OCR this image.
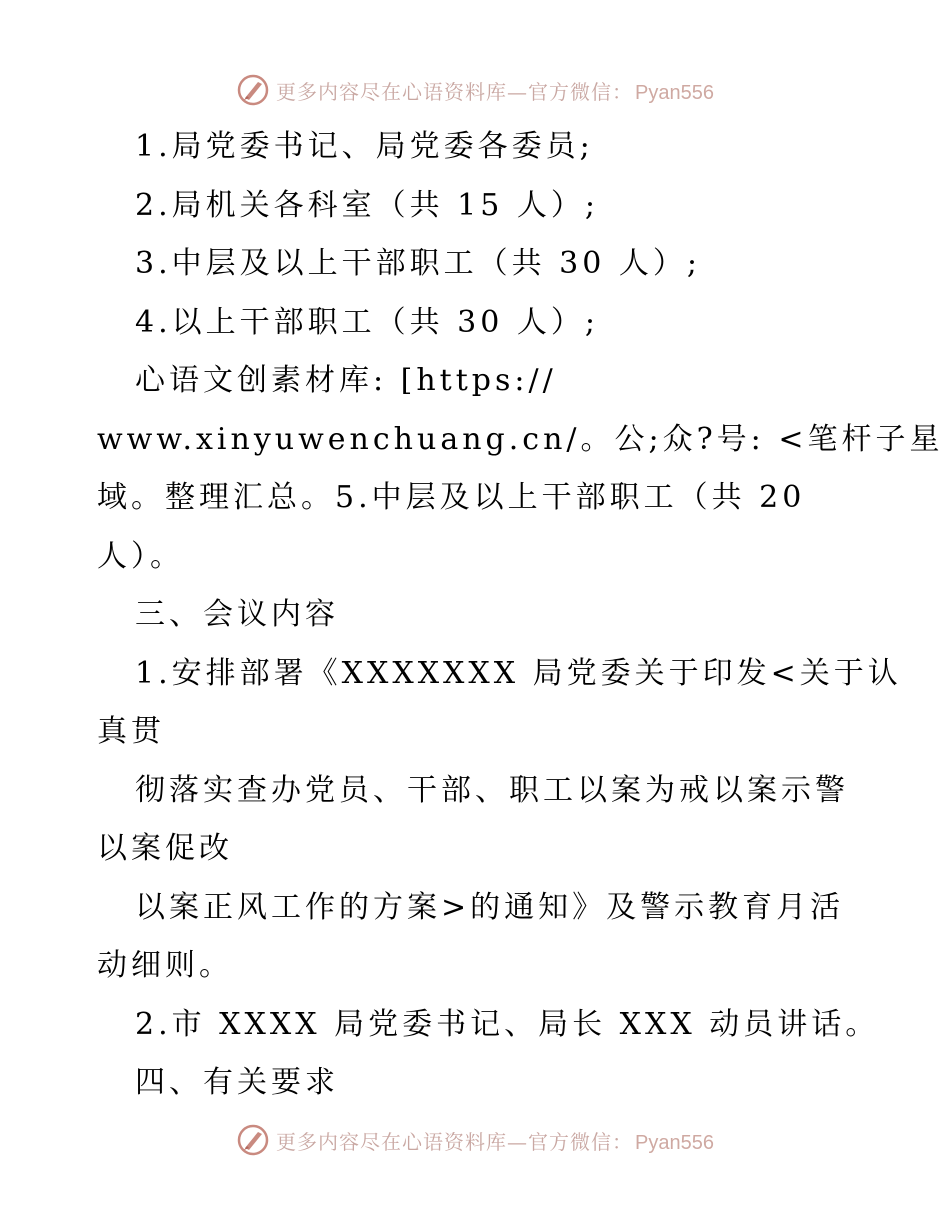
更多内容尽在心语资料库—官方微信： Pyan556
1.局党委书记、局党委各委员;
2.局机关各科室（共 15 人）;
3.中层及以上干部职工（共 30 人）;
4.以上干部职工（共 30 人）;
心语文创素材库: [https://
www.xinyuwenchuang.cn/。公;众?号: <笔杆子星
域。整理汇总。5.中层及以上干部职工（共 20
人）。
三、会议内容
1.安排部署《XXXXXXX 局党委关于印发<关于认
真贯
彻落实查办党员、干部、职工以案为戒以案示警
以案促改
以案正风工作的方案>的通知》及警示教育月活
动细则。
2.市 XXXX 局党委书记、局长 XXX 动员讲话。
四、有关要求
更多内容尽在心语资料库—官方微信： Pyan556
